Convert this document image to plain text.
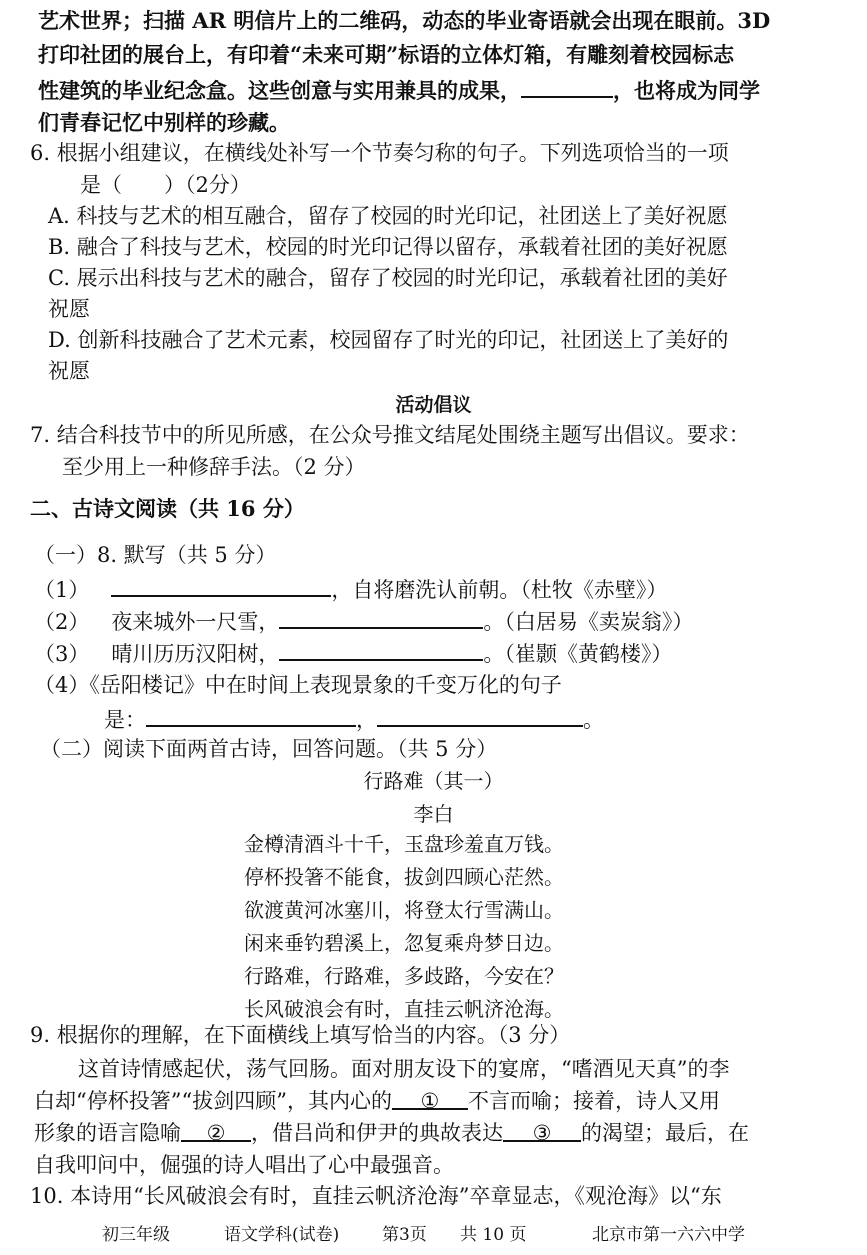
艺术世界；扫描 AR 明信片上的二维码，动态的毕业寄语就会出现在眼前。3D
打印社团的展台上，有印着“未来可期”标语的立体灯箱，有雕刻着校园标志
性建筑的毕业纪念盒。这些创意与实用兼具的成果，	，也将成为同学
们青春记忆中别样的珍藏。
6. 根据小组建议，在横线处补写一个节奏匀称的句子。下列选项恰当的一项
是（　　）（2分）
A. 科技与艺术的相互融合，留存了校园的时光印记，社团送上了美好祝愿
B. 融合了科技与艺术，校园的时光印记得以留存，承载着社团的美好祝愿
C. 展示出科技与艺术的融合，留存了校园的时光印记，承载着社团的美好
祝愿
D. 创新科技融合了艺术元素，校园留存了时光的印记，社团送上了美好的
祝愿
活动倡议
7. 结合科技节中的所见所感，在公众号推文结尾处围绕主题写出倡议。要求：
至少用上一种修辞手法。（2 分）
二、古诗文阅读（共 16 分）
（一）8. 默写（共 5 分）
（1）	，自将磨洗认前朝。（杜牧《赤壁》）
（2） 夜来城外一尺雪，	。（白居易《卖炭翁》）
（3） 晴川历历汉阳树，	。（崔颢《黄鹤楼》）
（4）《岳阳楼记》中在时间上表现景象的千变万化的句子
是：	，	。
（二）阅读下面两首古诗，回答问题。（共 5 分）
行路难（其一）
李白
金樽清酒斗十千，玉盘珍羞直万钱。
停杯投箸不能食，拔剑四顾心茫然。
欲渡黄河冰塞川，将登太行雪满山。
闲来垂钓碧溪上，忽复乘舟梦日边。
行路难，行路难，多歧路，今安在？
长风破浪会有时，直挂云帆济沧海。
9. 根据你的理解，在下面横线上填写恰当的内容。（3 分）
这首诗情感起伏，荡气回肠。面对朋友设下的宴席，“嗜酒见天真”的李
白却“停杯投箸”“拔剑四顾”，其内心的 ① 不言而喻；接着，诗人又用
形象的语言隐喻 ② ，借吕尚和伊尹的典故表达 ③ 的渴望；最后，在
自我叩问中，倔强的诗人唱出了心中最强音。
10. 本诗用“长风破浪会有时，直挂云帆济沧海”卒章显志，《观沧海》以“东
初三年级	语文学科(试卷)	第3页 共 10 页	北京市第一六六中学
